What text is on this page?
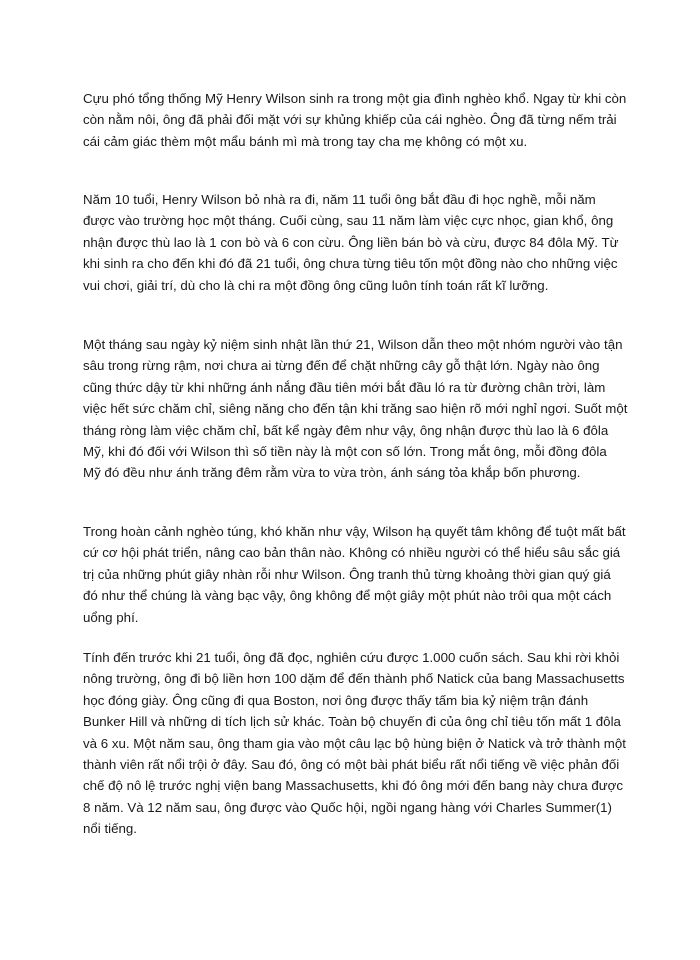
Cựu phó tổng thống Mỹ Henry Wilson sinh ra trong một gia đình nghèo khổ. Ngay từ khi còn còn nằm nôi, ông đã phải đối mặt với sự khủng khiếp của cái nghèo. Ông đã từng nếm trải cái cảm giác thèm một mẩu bánh mì mà trong tay cha mẹ không có một xu.

Năm 10 tuổi, Henry Wilson bỏ nhà ra đi, năm 11 tuổi ông bắt đầu đi học nghề, mỗi năm được vào trường học một tháng. Cuối cùng, sau 11 năm làm việc cực nhọc, gian khổ, ông nhận được thù lao là 1 con bò và 6 con cừu. Ông liền bán bò và cừu, được 84 đôla Mỹ. Từ khi sinh ra cho đến khi đó đã 21 tuổi, ông chưa từng tiêu tốn một đồng nào cho những việc vui chơi, giải trí, dù cho là chi ra một đồng ông cũng luôn tính toán rất kĩ lưỡng.

Một tháng sau ngày kỷ niệm sinh nhật lần thứ 21, Wilson dẫn theo một nhóm người vào tận sâu trong rừng rậm, nơi chưa ai từng đến để chặt những cây gỗ thật lớn. Ngày nào ông cũng thức dậy từ khi những ánh nắng đầu tiên mới bắt đầu ló ra từ đường chân trời, làm việc hết sức chăm chỉ, siêng năng cho đến tận khi trăng sao hiện rõ mới nghỉ ngơi. Suốt một tháng ròng làm việc chăm chỉ, bất kể ngày đêm như vậy, ông nhận được thù lao là 6 đôla Mỹ, khi đó đối với Wilson thì số tiền này là một con số lớn. Trong mắt ông, mỗi đồng đôla Mỹ đó đều như ánh trăng đêm rằm vừa to vừa tròn, ánh sáng tỏa khắp bốn phương.

Trong hoàn cảnh nghèo túng, khó khăn như vậy, Wilson hạ quyết tâm không để tuột mất bất cứ cơ hội phát triển, nâng cao bản thân nào. Không có nhiều người có thể hiểu sâu sắc giá trị của những phút giây nhàn rỗi như Wilson. Ông tranh thủ từng khoảng thời gian quý giá đó như thể chúng là vàng bạc vậy, ông không để một giây một phút nào trôi qua một cách uổng phí.

Tính đến trước khi 21 tuổi, ông đã đọc, nghiên cứu được 1.000 cuốn sách. Sau khi rời khỏi nông trường, ông đi bộ liền hơn 100 dặm để đến thành phố Natick của bang Massachusetts học đóng giày. Ông cũng đi qua Boston, nơi ông được thấy tấm bia kỷ niệm trận đánh Bunker Hill và những di tích lịch sử khác. Toàn bộ chuyến đi của ông chỉ tiêu tốn mất 1 đôla và 6 xu. Một năm sau, ông tham gia vào một câu lạc bộ hùng biện ở Natick và trở thành một thành viên rất nổi trội ở đây. Sau đó, ông có một bài phát biểu rất nổi tiếng về việc phản đối chế độ nô lệ trước nghị viện bang Massachusetts, khi đó ông mới đến bang này chưa được 8 năm. Và 12 năm sau, ông được vào Quốc hội, ngồi ngang hàng với Charles Summer(1) nổi tiếng.
